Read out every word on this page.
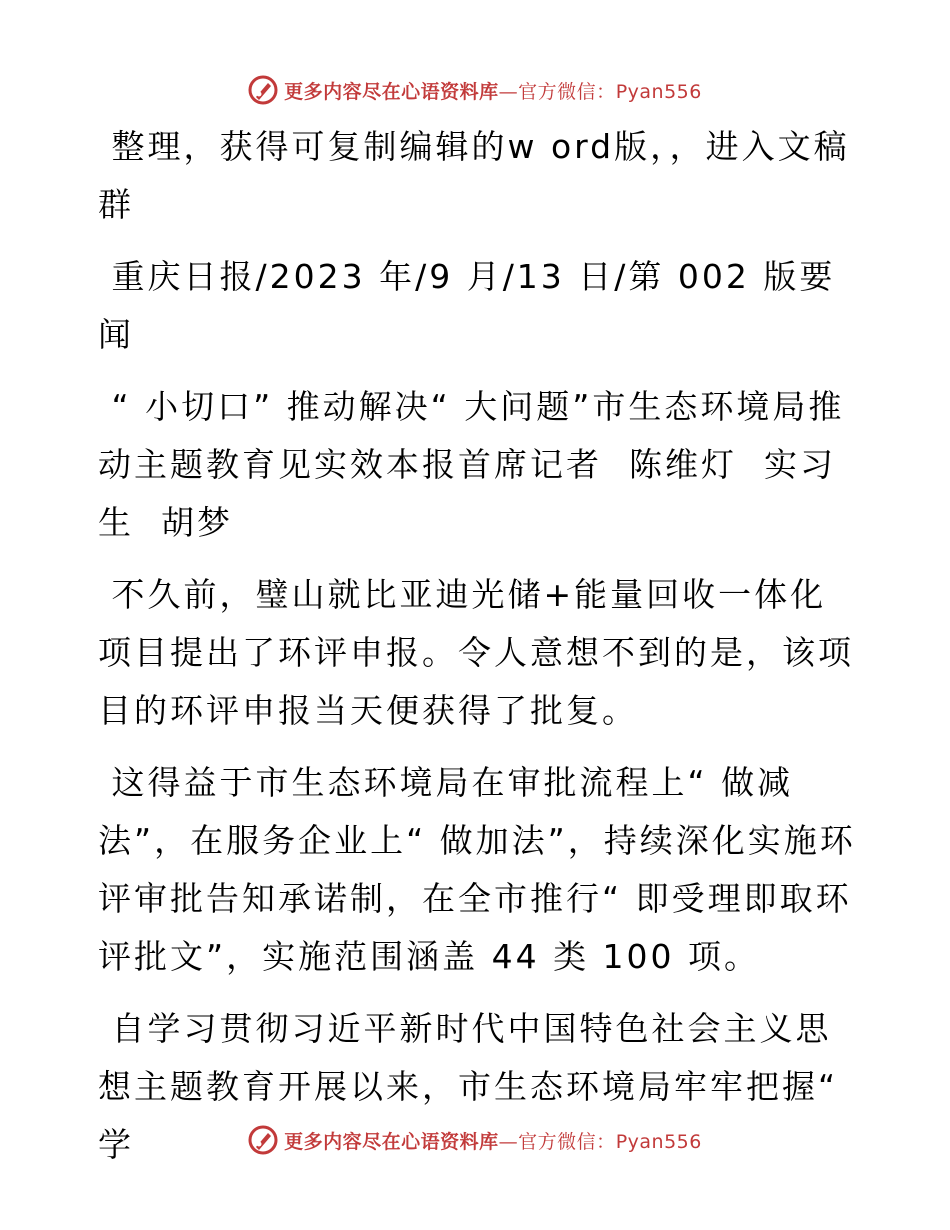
更多内容尽在心语资料库—官方微信：Pyan556

整理，获得可复制编辑的w ord版，，进入文稿群

重庆日报/2023 年/9 月/13 日/第 002 版要闻

“ 小切口” 推动解决“ 大问题”市生态环境局推动主题教育见实效本报首席记者  陈维灯  实习生  胡梦

不久前，璧山就比亚迪光储+能量回收一体化项目提出了环评申报。令人意想不到的是，该项目的环评申报当天便获得了批复。

这得益于市生态环境局在审批流程上“ 做减法”，在服务企业上“ 做加法”，持续深化实施环评审批告知承诺制，在全市推行“ 即受理即取环评批文”，实施范围涵盖 44 类 100 项。

自学习贯彻习近平新时代中国特色社会主义思想主题教育开展以来，市生态环境局牢牢把握“ 学	更多内容尽在心语资料库—官方微信：Pyan556
